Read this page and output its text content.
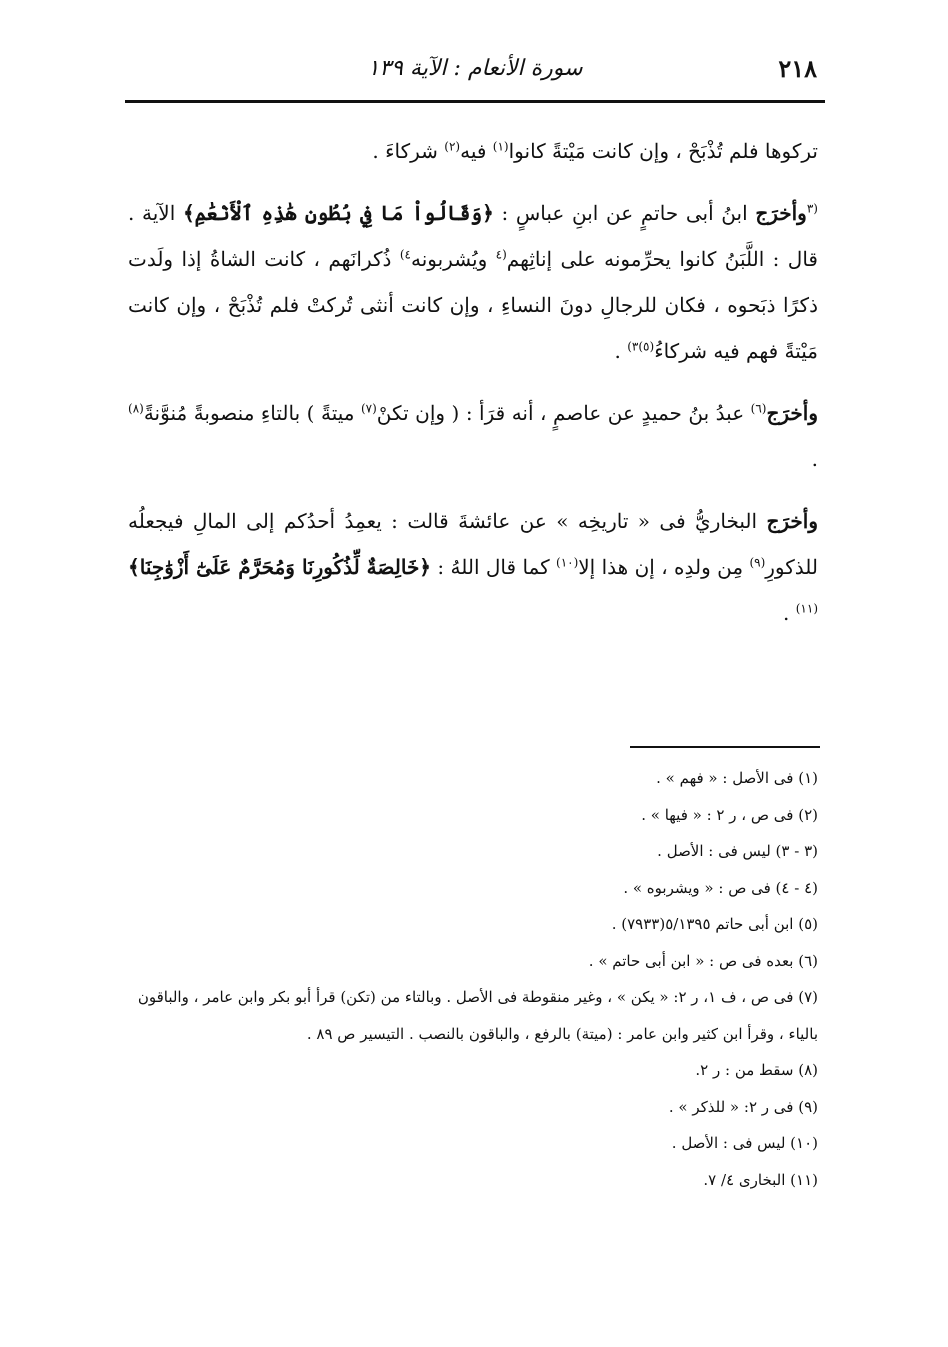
٢١٨
سورة الأنعام : الآية ١٣٩

تركوها فلم تُذْبَحْ ، وإن كانت مَيْتةً كانوا$^{(١)}$ فيه$^{(٢)}$ شركاءَ .

$^{(٣}$وأخرَج ابنُ أبى حاتمٍ عن ابنِ عباسٍ : ﴿وَقَالُواْ مَا فِي بُطُونِ هَٰذِهِ ٱلْأَنْعَٰمِ﴾ الآية . قال : اللَّبَنُ كانوا يحرِّمونه على إناثِهم$^{(٤}$ ويُشربونه$^{٤)}$ ذُكرانَهم ، كانت الشاةُ إذا ولَدت ذكرًا ذبَحوه ، فكان للرجالِ دونَ النساءِ ، وإن كانت أنثى تُركتْ فلم تُذْبَحْ ، وإن كانت مَيْتةً فهم فيه شركاءُ$^{(٥)٣)}$ .

وأخرَج$^{(٦)}$ عبدُ بنُ حميدٍ عن عاصمٍ ، أنه قرَأ : ( وإن تكنْ$^{(٧)}$ ميتةً ) بالتاءِ منصوبةً مُنوَّنةً$^{(٨)}$ .

وأخرَج البخاريُّ فى « تاريخِه » عن عائشةَ قالت : يعمِدُ أحدُكم إلى المالِ فيجعلُه للذكورِ$^{(٩)}$ مِن ولدِه ، إن هذا إلا$^{(١٠)}$ كما قال اللهُ : ﴿خَالِصَةٌ لِّذُكُورِنَا وَمُحَرَّمٌ عَلَىٰٓ أَزْوَٰجِنَا﴾$^{(١١)}$ .

(١) فى الأصل : « فهم » .

(٢) فى ص ، ر ٢ : « فيها » .

(٣ - ٣) ليس فى : الأصل .

(٤ - ٤) فى ص : « ويشربوه » .

(٥) ابن أبى حاتم ٥/١٣٩٥(٧٩٣٣) .

(٦) بعده فى ص : « ابن أبى حاتم » .

(٧) فى ص ، ف ١، ر ٢: « يكن » ، وغير منقوطة فى الأصل . وبالتاء من (تكن) قرأ أبو بكر وابن عامر ، والباقون بالياء ، وقرأ ابن كثير وابن عامر : (ميتة) بالرفع ، والباقون بالنصب . التيسير ص ٨٩ .

(٨) سقط من : ر ٢.

(٩) فى ر ٢: « للذكر » .

(١٠) ليس فى : الأصل .

(١١) البخارى ٤/ ٧.
